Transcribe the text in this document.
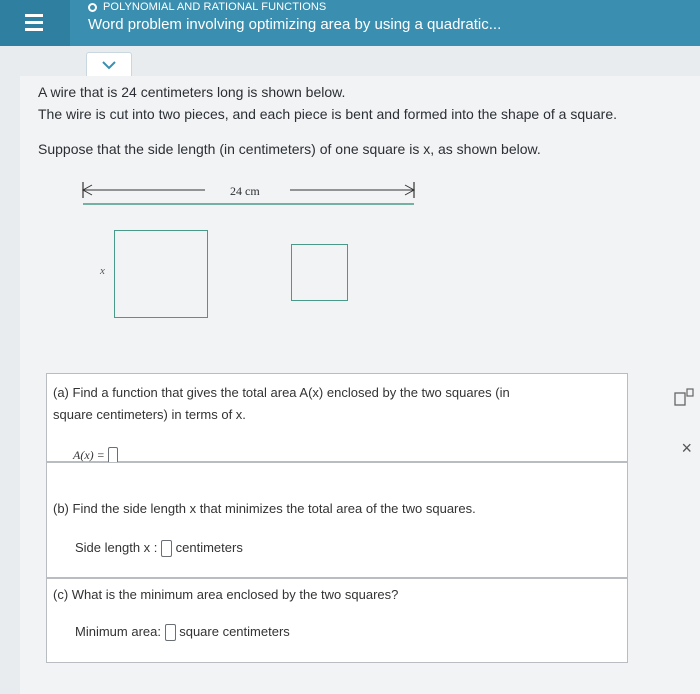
POLYNOMIAL AND RATIONAL FUNCTIONS
Word problem involving optimizing area by using a quadratic...
A wire that is 24 centimeters long is shown below.
The wire is cut into two pieces, and each piece is bent and formed into the shape of a square.
Suppose that the side length (in centimeters) of one square is x, as shown below.
24 cm
x
×
(a) Find a function that gives the total area A(x) enclosed by the two squares (in
square centimeters) in terms of x.
A(x) =
(b) Find the side length x that minimizes the total area of the two squares.
Side length x : centimeters
(c) What is the minimum area enclosed by the two squares?
Minimum area: square centimeters
